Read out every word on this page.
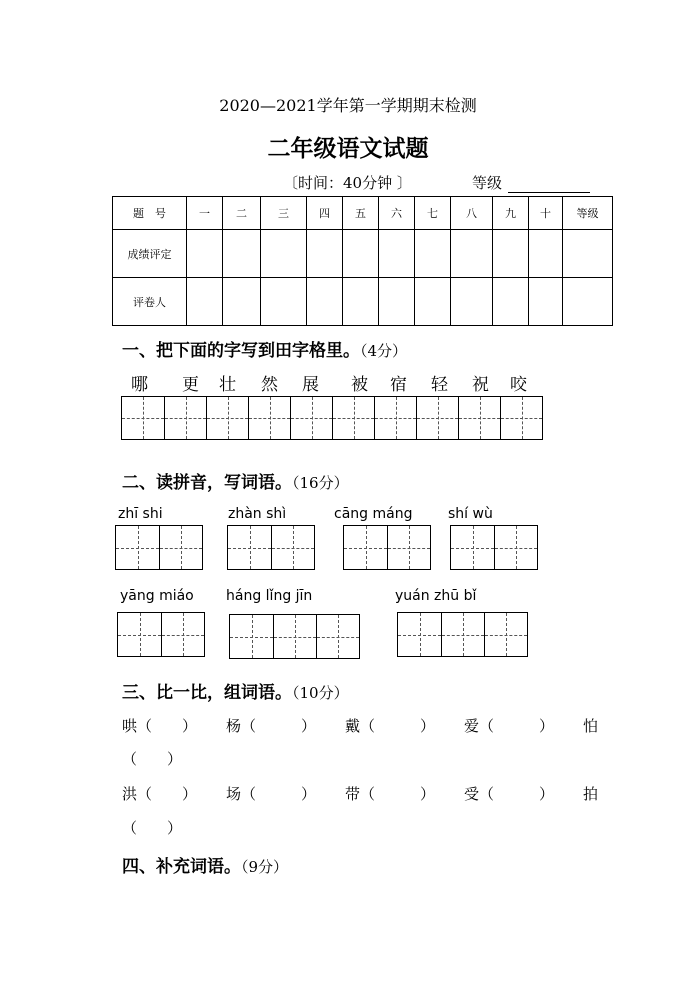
2020—2021学年第一学期期末检测
二年级语文试题
〔时间：40分钟 〕	等级
题　号	一	二	三	四	五	六	七	八	九	十	等级
成绩评定											
评卷人											
一、把下面的字写到田字格里。（4分）
哪 更 壮 然 展 被 宿 轻 祝 咬
二、读拼音，写词语。（16分）
zhī shi	zhàn shì	cāng máng	shí wù
yāng miáo háng lǐng jīn	yuán zhū bǐ
三、比一比，组词语。（10分）
哄（　　） 杨（　　　） 戴（　　　） 爱（　　　） 怕
（　　）
洪（　　） 场（　　　） 带（　　　） 受（　　　） 拍
（　　）
四、补充词语。（9分）
